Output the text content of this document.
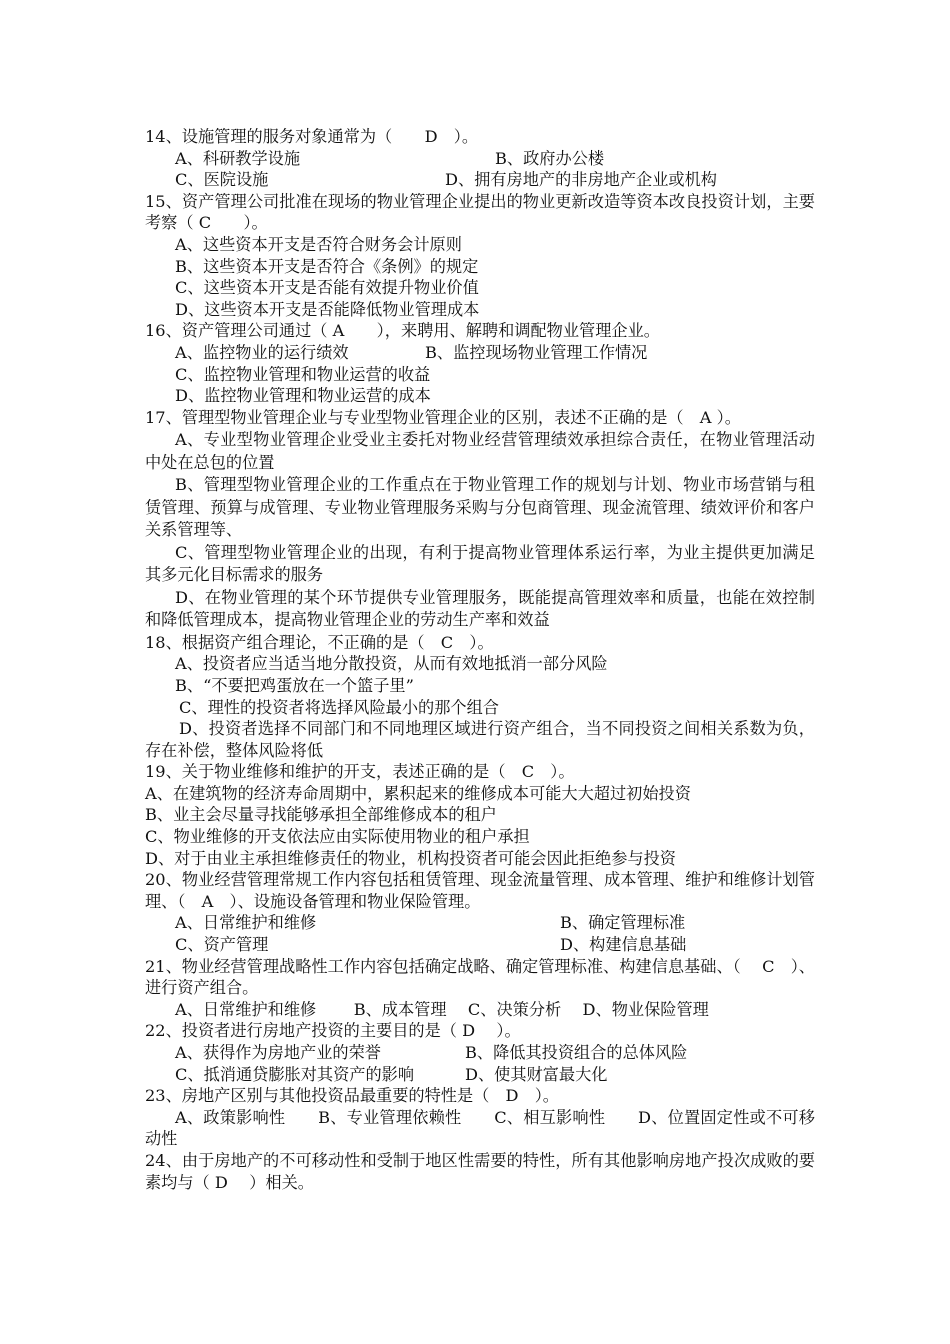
14、设施管理的服务对象通常为（　　D　）。
A、科研教学设施	B、政府办公楼
C、医院设施	D、拥有房地产的非房地产企业或机构
15、资产管理公司批准在现场的物业管理企业提出的物业更新改造等资本改良投资计划，主要考察（ C　　）。
A、这些资本开支是否符合财务会计原则
B、这些资本开支是否符合《条例》的规定
C、这些资本开支是否能有效提升物业价值
D、这些资本开支是否能降低物业管理成本
16、资产管理公司通过（ A　　），来聘用、解聘和调配物业管理企业。
A、监控物业的运行绩效	B、监控现场物业管理工作情况
C、监控物业管理和物业运营的收益
D、监控物业管理和物业运营的成本
17、管理型物业管理企业与专业型物业管理企业的区别，表述不正确的是（　A ）。
A、专业型物业管理企业受业主委托对物业经营管理绩效承担综合责任，在物业管理活动中处在总包的位置
B、管理型物业管理企业的工作重点在于物业管理工作的规划与计划、物业市场营销与租赁管理、预算与成管理、专业物业管理服务采购与分包商管理、现金流管理、绩效评价和客户关系管理等、
C、管理型物业管理企业的出现，有利于提高物业管理体系运行率，为业主提供更加满足其多元化目标需求的服务
D、在物业管理的某个环节提供专业管理服务，既能提高管理效率和质量，也能在效控制和降低管理成本，提高物业管理企业的劳动生产率和效益
18、根据资产组合理论，不正确的是（　C　）。
A、投资者应当适当地分散投资，从而有效地抵消一部分风险
B、“不要把鸡蛋放在一个篮子里”
C、理性的投资者将选择风险最小的那个组合
D、投资者选择不同部门和不同地理区域进行资产组合，当不同投资之间相关系数为负，存在补偿，整体风险将低
19、关于物业维修和维护的开支，表述正确的是（　C　）。
A、在建筑物的经济寿命周期中，累积起来的维修成本可能大大超过初始投资
B、业主会尽量寻找能够承担全部维修成本的租户
C、物业维修的开支依法应由实际使用物业的租户承担
D、对于由业主承担维修责任的物业，机构投资者可能会因此拒绝参与投资
20、物业经营管理常规工作内容包括租赁管理、现金流量管理、成本管理、维护和维修计划管理、（　A　）、设施设备管理和物业保险管理。
A、日常维护和维修	B、确定管理标准
C、资产管理	D、构建信息基础
21、物业经营管理战略性工作内容包括确定战略、确定管理标准、构建信息基础、（　 C　）、进行资产组合。
A、日常维护和维修　　 B、成本管理　 C、决策分析　 D、物业保险管理
22、投资者进行房地产投资的主要目的是（ D　 ）。
A、获得作为房地产业的荣誉	B、降低其投资组合的总体风险
C、抵消通贷膨胀对其资产的影响	D、使其财富最大化
23、房地产区别与其他投资品最重要的特性是（　D　）。
A、政策影响性　　B、专业管理依赖性　　C、相互影响性　　D、位置固定性或不可移动性
24、由于房地产的不可移动性和受制于地区性需要的特性，所有其他影响房地产投次成败的要素均与（ D　 ）相关。
